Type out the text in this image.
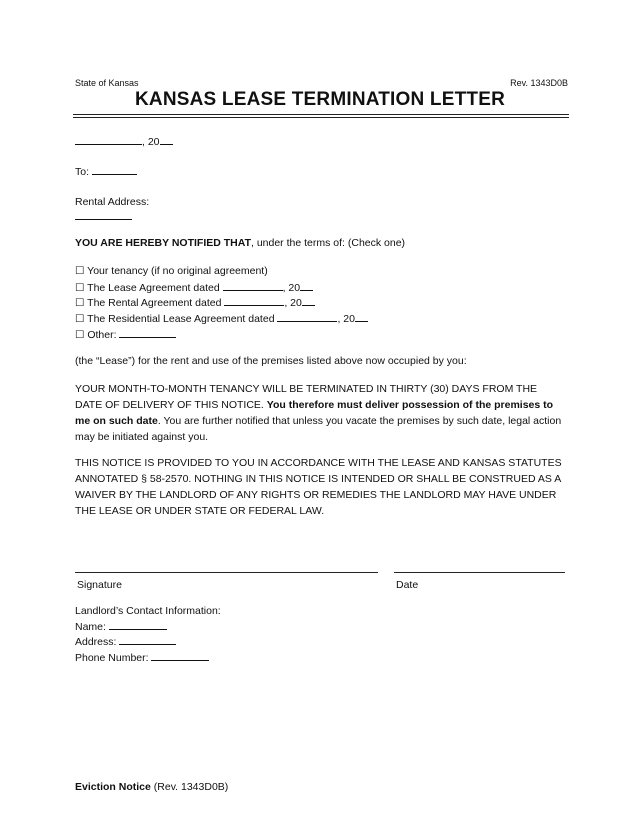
State of Kansas	Rev. 1343D0B
KANSAS LEASE TERMINATION LETTER
, 20
To:
Rental Address:
YOU ARE HEREBY NOTIFIED THAT, under the terms of: (Check one)
☐ Your tenancy (if no original agreement)
☐ The Lease Agreement dated	, 20
☐ The Rental Agreement dated	, 20
☐ The Residential Lease Agreement dated	, 20
☐ Other:
(the “Lease”) for the rent and use of the premises listed above now occupied by you:
YOUR MONTH-TO-MONTH TENANCY WILL BE TERMINATED IN THIRTY (30) DAYS FROM THE DATE OF DELIVERY OF THIS NOTICE. You therefore must deliver possession of the premises to me on such date. You are further notified that unless you vacate the premises by such date, legal action may be initiated against you.
THIS NOTICE IS PROVIDED TO YOU IN ACCORDANCE WITH THE LEASE AND KANSAS STATUTES ANNOTATED § 58-2570. NOTHING IN THIS NOTICE IS INTENDED OR SHALL BE CONSTRUED AS A WAIVER BY THE LANDLORD OF ANY RIGHTS OR REMEDIES THE LANDLORD MAY HAVE UNDER THE LEASE OR UNDER STATE OR FEDERAL LAW.
Signature	Date
Landlord’s Contact Information:
Name:
Address:
Phone Number:
Eviction Notice (Rev. 1343D0B)
